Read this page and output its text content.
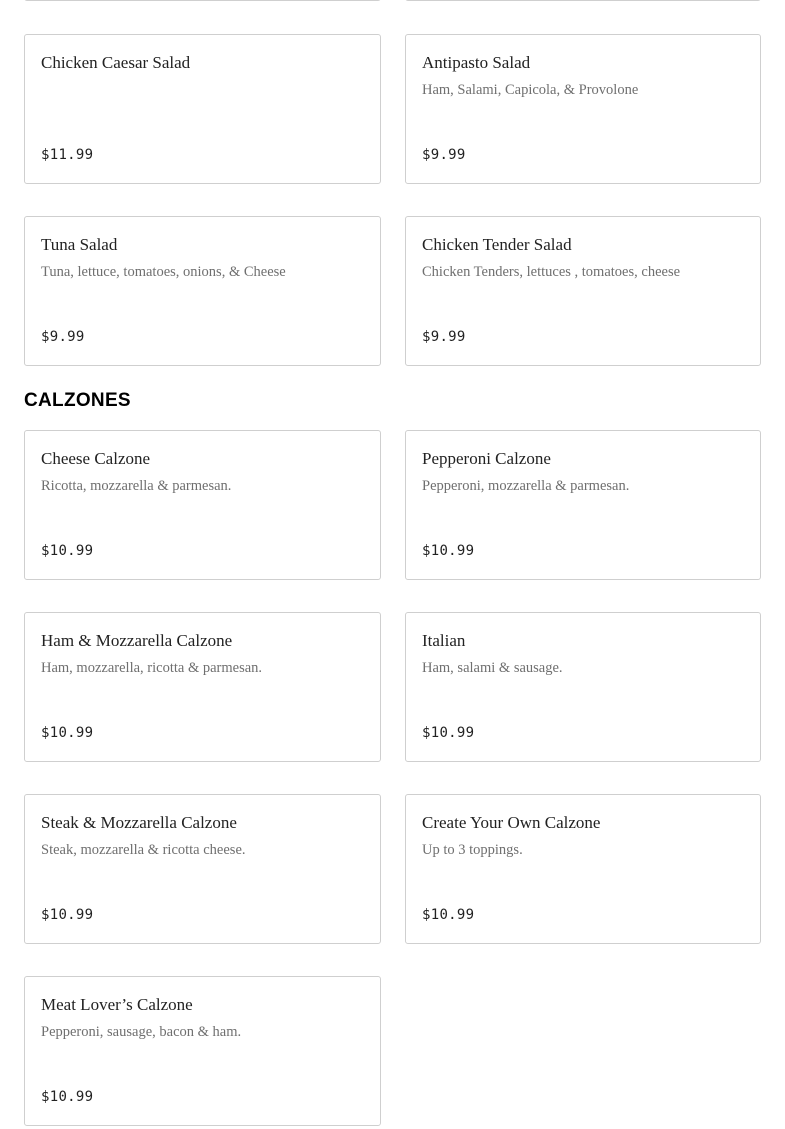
Chicken Caesar Salad
$11.99
Antipasto Salad
Ham, Salami, Capicola, & Provolone
$9.99
Tuna Salad
Tuna, lettuce, tomatoes, onions, & Cheese
$9.99
Chicken Tender Salad
Chicken Tenders, lettuces , tomatoes, cheese
$9.99
CALZONES
Cheese Calzone
Ricotta, mozzarella & parmesan.
$10.99
Pepperoni Calzone
Pepperoni, mozzarella & parmesan.
$10.99
Ham & Mozzarella Calzone
Ham, mozzarella, ricotta & parmesan.
$10.99
Italian
Ham, salami & sausage.
$10.99
Steak & Mozzarella Calzone
Steak, mozzarella & ricotta cheese.
$10.99
Create Your Own Calzone
Up to 3 toppings.
$10.99
Meat Lover’s Calzone
Pepperoni, sausage, bacon & ham.
$10.99
